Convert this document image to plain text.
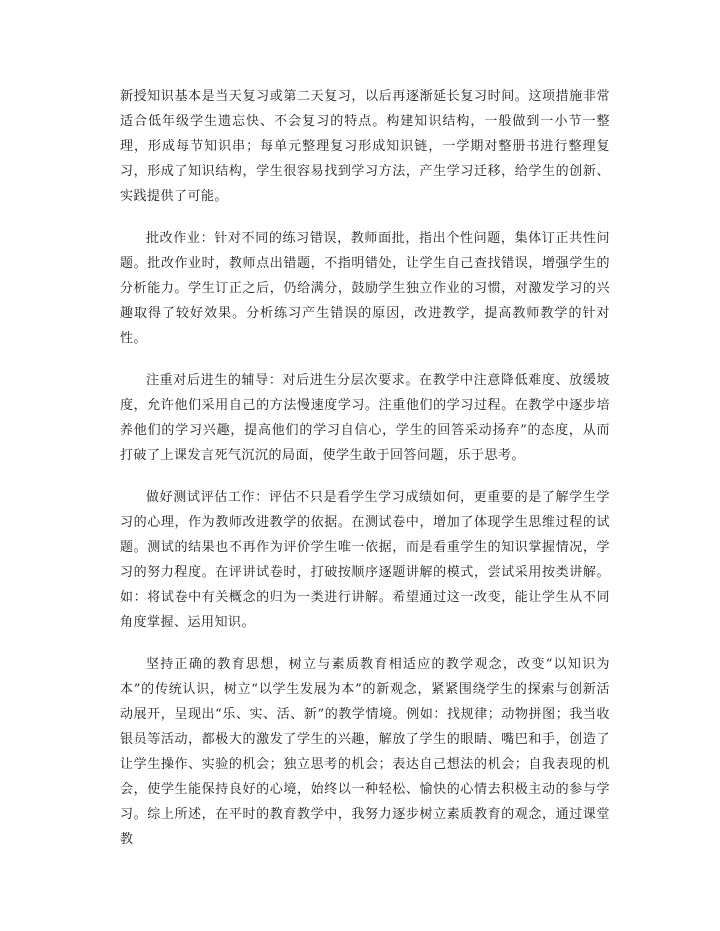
新授知识基本是当天复习或第二天复习，以后再逐渐延长复习时间。这项措施非常适合低年级学生遗忘快、不会复习的特点。构建知识结构，一般做到一小节一整理，形成每节知识串；每单元整理复习形成知识链，一学期对整册书进行整理复习，形成了知识结构，学生很容易找到学习方法，产生学习迁移，给学生的创新、实践提供了可能。

批改作业：针对不同的练习错误，教师面批，指出个性问题，集体订正共性问题。批改作业时，教师点出错题，不指明错处，让学生自己查找错误，增强学生的分析能力。学生订正之后，仍给满分，鼓励学生独立作业的习惯，对激发学习的兴趣取得了较好效果。分析练习产生错误的原因，改进教学，提高教师教学的针对性。

注重对后进生的辅导：对后进生分层次要求。在教学中注意降低难度、放缓坡度，允许他们采用自己的方法慢速度学习。注重他们的学习过程。在教学中逐步培养他们的学习兴趣，提高他们的学习自信心，学生的回答采动扬弃”的态度，从而打破了上课发言死气沉沉的局面，使学生敢于回答问题，乐于思考。

做好测试评估工作：评估不只是看学生学习成绩如何，更重要的是了解学生学习的心理，作为教师改进教学的依据。在测试卷中，增加了体现学生思维过程的试题。测试的结果也不再作为评价学生唯一依据，而是看重学生的知识掌握情况，学习的努力程度。在评讲试卷时，打破按顺序逐题讲解的模式，尝试采用按类讲解。如：将试卷中有关概念的归为一类进行讲解。希望通过这一改变，能让学生从不同角度掌握、运用知识。

坚持正确的教育思想，树立与素质教育相适应的教学观念，改变“以知识为本”的传统认识，树立“以学生发展为本”的新观念，紧紧围绕学生的探索与创新活动展开，呈现出“乐、实、活、新”的教学情境。例如：找规律；动物拼图；我当收银员等活动，都极大的激发了学生的兴趣，解放了学生的眼睛、嘴巴和手，创造了让学生操作、实验的机会；独立思考的机会；表达自己想法的机会；自我表现的机会，使学生能保持良好的心境，始终以一种轻松、愉快的心情去积极主动的参与学习。综上所述，在平时的教育教学中，我努力逐步树立素质教育的观念，通过课堂教
